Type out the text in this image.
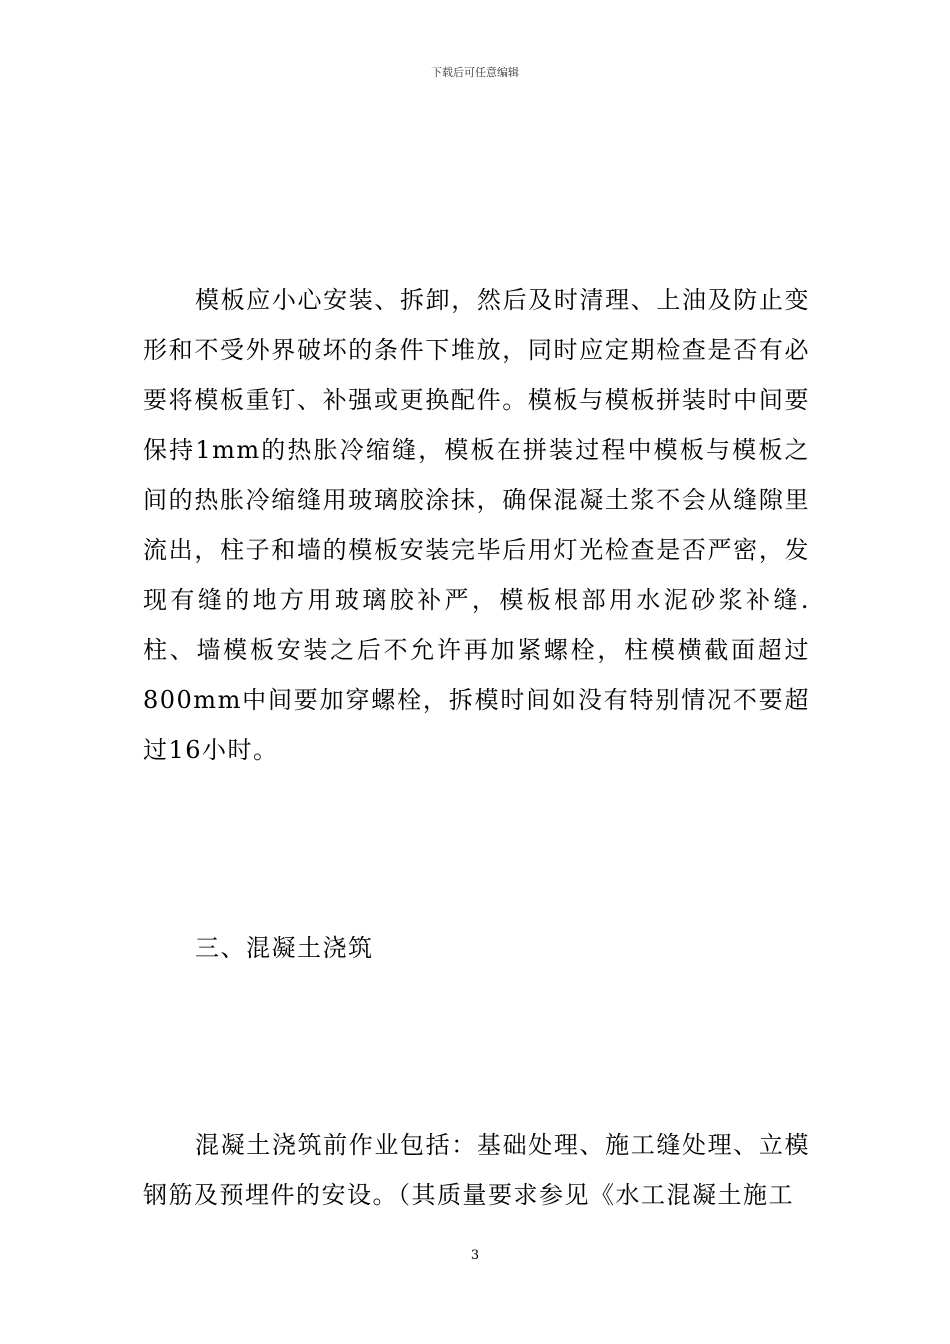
下载后可任意编辑

模板应小心安装、拆卸，然后及时清理、上油及防止变形和不受外界破坏的条件下堆放，同时应定期检查是否有必要将模板重钉、补强或更换配件。模板与模板拼装时中间要保持1mm的热胀冷缩缝，模板在拼装过程中模板与模板之间的热胀冷缩缝用玻璃胶涂抹，确保混凝土浆不会从缝隙里流出，柱子和墙的模板安装完毕后用灯光检查是否严密，发现有缝的地方用玻璃胶补严，模板根部用水泥砂浆补缝.柱、墙模板安装之后不允许再加紧螺栓，柱模横截面超过800mm中间要加穿螺栓，拆模时间如没有特别情况不要超过16小时。

三、混凝土浇筑

混凝土浇筑前作业包括：基础处理、施工缝处理、立模钢筋及预埋件的安设。（其质量要求参见《水工混凝土施工

3
